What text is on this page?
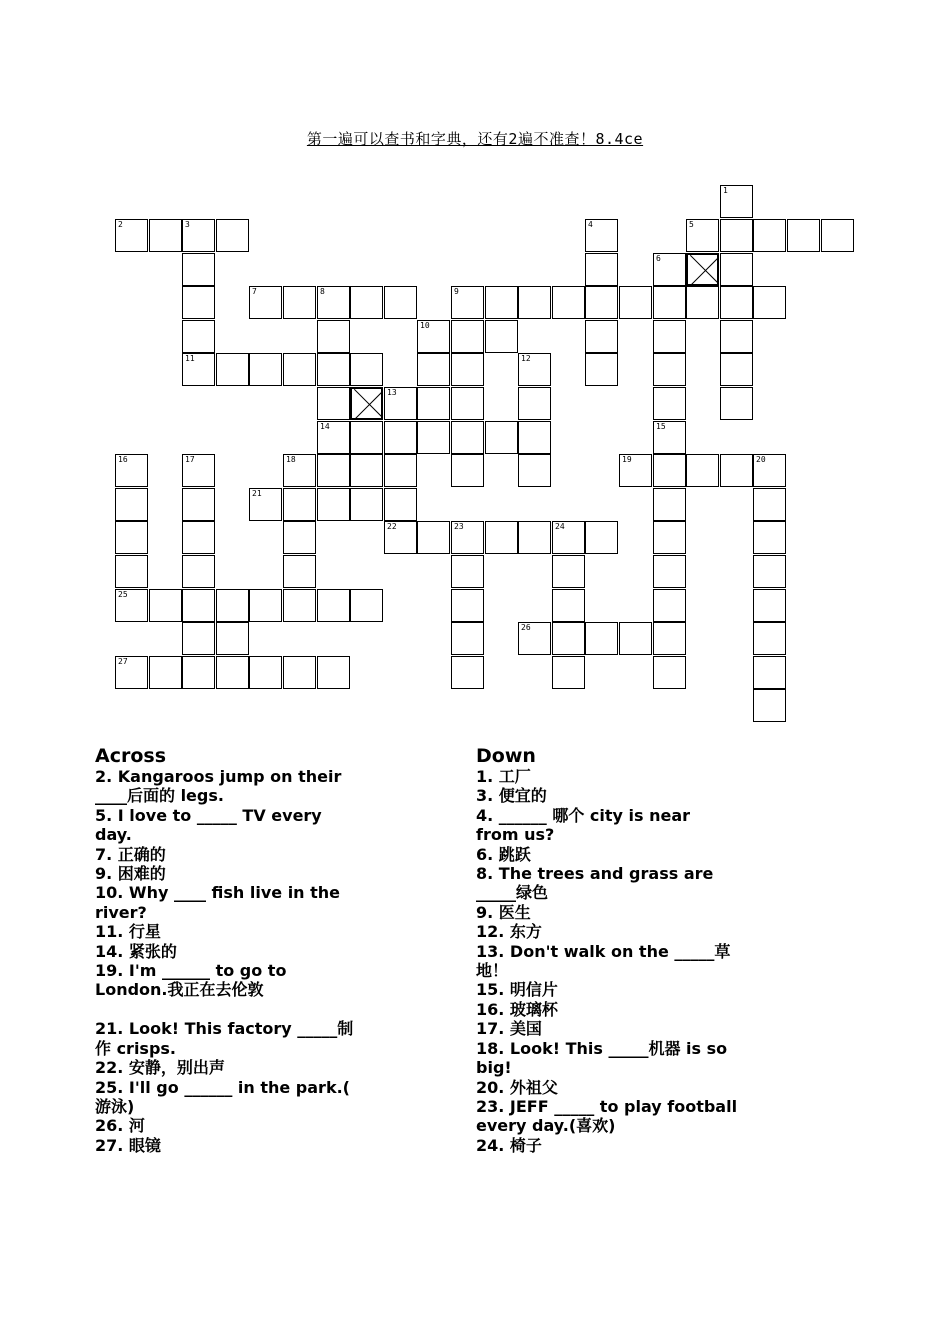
第一遍可以查书和字典，还有2遍不准查！8.4ce
1
2	3
11
4	5
6
7	8
14
9
10
12
13
22
15
16
25
17	18	19	20
21
23	24
26
27
Across
2. Kangaroos jump on their
____后面的 legs.
5. I love to _____ TV every
day.
7. 正确的
9. 困难的
10. Why ____ fish live in the
river?
11. 行星
14. 紧张的
19. I'm ______ to go to
London.我正在去伦敦

21. Look! This factory _____制
作 crisps.
22. 安静，别出声
25. I'll go ______ in the park.(
游泳)
26. 河
27. 眼镜
Down
1. 工厂
3. 便宜的
4. ______ 哪个 city is near
from us?
6. 跳跃
8. The trees and grass are
_____绿色
9. 医生
12. 东方
13. Don't walk on the _____草
地！
15. 明信片
16. 玻璃杯
17. 美国
18. Look! This _____机器 is so
big!
20. 外祖父
23. JEFF _____ to play football
every day.(喜欢)
24. 椅子
